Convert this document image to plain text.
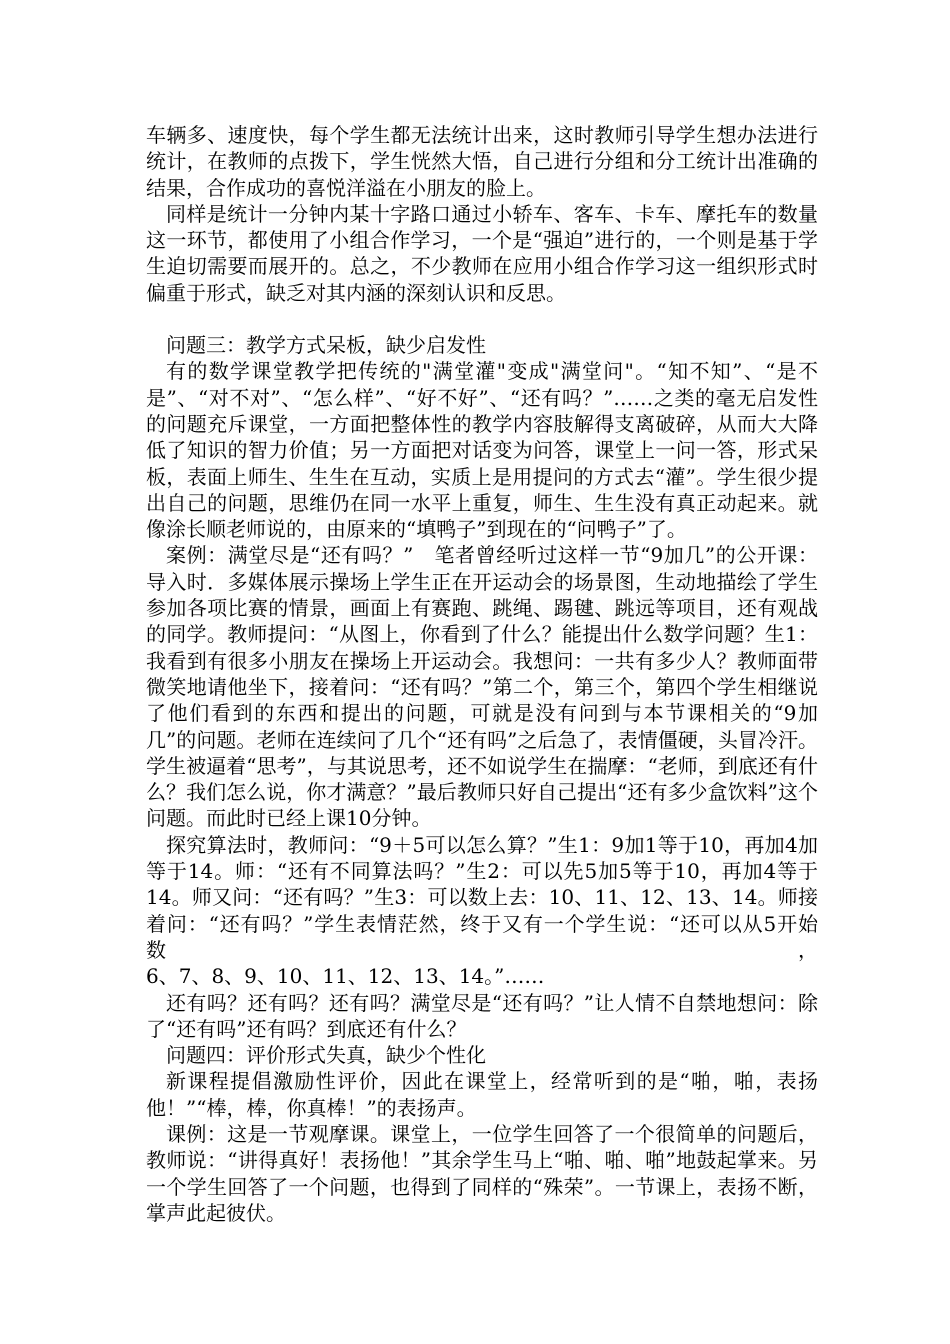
车辆多、速度快，每个学生都无法统计出来，这时教师引导学生想办法进行统计，在教师的点拨下，学生恍然大悟，自己进行分组和分工统计出准确的结果，合作成功的喜悦洋溢在小朋友的脸上。

同样是统计一分钟内某十字路口通过小轿车、客车、卡车、摩托车的数量这一环节，都使用了小组合作学习，一个是“强迫”进行的，一个则是基于学生迫切需要而展开的。总之，不少教师在应用小组合作学习这一组织形式时偏重于形式，缺乏对其内涵的深刻认识和反思。

问题三：教学方式呆板，缺少启发性

有的数学课堂教学把传统的"满堂灌"变成"满堂问"。“知不知”、“是不是”、“对不对”、“怎么样”、“好不好”、“还有吗？”……之类的毫无启发性的问题充斥课堂，一方面把整体性的教学内容肢解得支离破碎，从而大大降低了知识的智力价值；另一方面把对话变为问答，课堂上一问一答，形式呆板，表面上师生、生生在互动，实质上是用提问的方式去“灌”。学生很少提出自己的问题，思维仍在同一水平上重复，师生、生生没有真正动起来。就像涂长顺老师说的，由原来的“填鸭子”到现在的“问鸭子”了。

案例：满堂尽是“还有吗？”　笔者曾经听过这样一节“9加几”的公开课：导入时．多媒体展示操场上学生正在开运动会的场景图，生动地描绘了学生参加各项比赛的情景，画面上有赛跑、跳绳、踢毽、跳远等项目，还有观战的同学。教师提问：“从图上，你看到了什么？能提出什么数学问题？生1：我看到有很多小朋友在操场上开运动会。我想问：一共有多少人？教师面带微笑地请他坐下，接着问：“还有吗？”第二个，第三个，第四个学生相继说了他们看到的东西和提出的问题，可就是没有问到与本节课相关的“9加几”的问题。老师在连续问了几个“还有吗”之后急了，表情僵硬，头冒冷汗。学生被逼着“思考”，与其说思考，还不如说学生在揣摩：“老师，到底还有什么？我们怎么说，你才满意？”最后教师只好自己提出“还有多少盒饮料”这个问题。而此时已经上课10分钟。

探究算法时，教师问：“9＋5可以怎么算？”生1：9加1等于10，再加4加等于14。师：“还有不同算法吗？”生2：可以先5加5等于10，再加4等于14。师又问：“还有吗？”生3：可以数上去：10、11、12、13、14。师接着问：“还有吗？”学生表情茫然，终于又有一个学生说：“还可以从5开始数，

6、7、8、9、10、11、12、13、14。”……

还有吗？还有吗？还有吗？满堂尽是“还有吗？”让人情不自禁地想问：除了“还有吗”还有吗？到底还有什么？

问题四：评价形式失真，缺少个性化

新课程提倡激励性评价，因此在课堂上，经常听到的是“啪，啪，表扬他！”“棒，棒，你真棒！”的表扬声。

课例：这是一节观摩课。课堂上，一位学生回答了一个很简单的问题后，教师说：“讲得真好！表扬他！”其余学生马上“啪、啪、啪”地鼓起掌来。另一个学生回答了一个问题，也得到了同样的“殊荣”。一节课上，表扬不断，掌声此起彼伏。
